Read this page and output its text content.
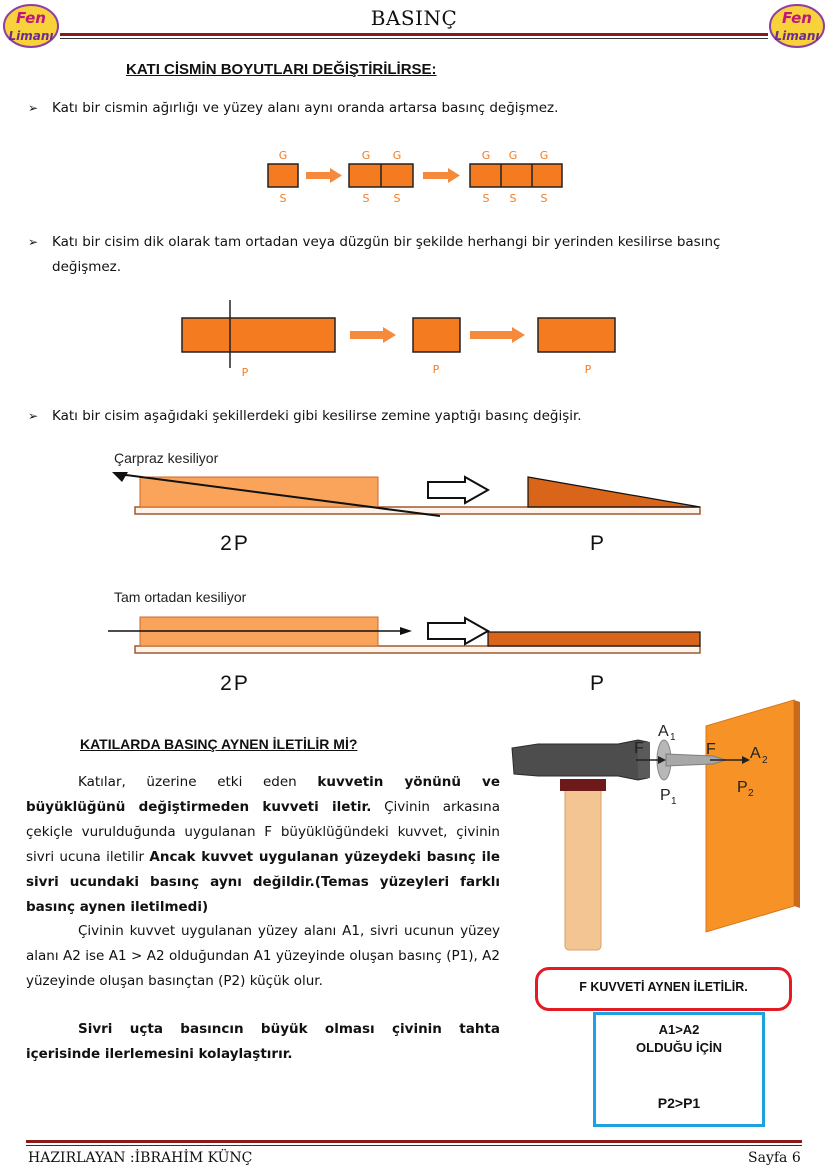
Fen
Limanı
Fen
Limanı
BASINÇ
KATI CİSMİN BOYUTLARI DEĞİŞTİRİLİRSE:
➢	Katı bir cismin ağırlığı ve yüzey alanı aynı oranda artarsa basınç değişmez.
G
S
G G
S S
G G G
S S S
➢	Katı bir cisim dik olarak tam ortadan veya düzgün bir şekilde herhangi bir yerinden kesilirse basınç
değişmez.
P	P	P
➢	Katı bir cisim aşağıdaki şekillerdeki gibi kesilirse zemine yaptığı basınç değişir.
Çarpraz kesiliyor
2P	P
Tam ortadan kesiliyor
2P	P
KATILARDA BASINÇ AYNEN İLETİLİR Mİ?
Katılar, üzerine etki eden kuvvetin yönünü ve büyüklüğünü değiştirmeden kuvveti iletir. Çivinin arkasına çekiçle vurulduğunda uygulanan F büyüklüğündeki kuvvet, çivinin sivri ucuna iletilir Ancak kuvvet uygulanan yüzeydeki basınç ile sivri ucundaki basınç aynı değildir.(Temas yüzeyleri farklı basınç aynen iletilmedi)
Çivinin kuvvet uygulanan yüzey alanı A1, sivri ucunun yüzey alanı A2 ise A1 > A2 olduğundan A1 yüzeyinde oluşan basınç (P1), A2 yüzeyinde oluşan basınçtan (P2) küçük olur.
Sivri uçta basıncın büyük olması çivinin tahta içerisinde ilerlemesini kolaylaştırır.
F	F
A 1
A 2
P 1
P 2
F KUVVETİ AYNEN İLETİLİR.
A1>A2
OLDUĞU İÇİN
P2>P1
HAZIRLAYAN :İBRAHİM KÜNÇ	Sayfa 6
